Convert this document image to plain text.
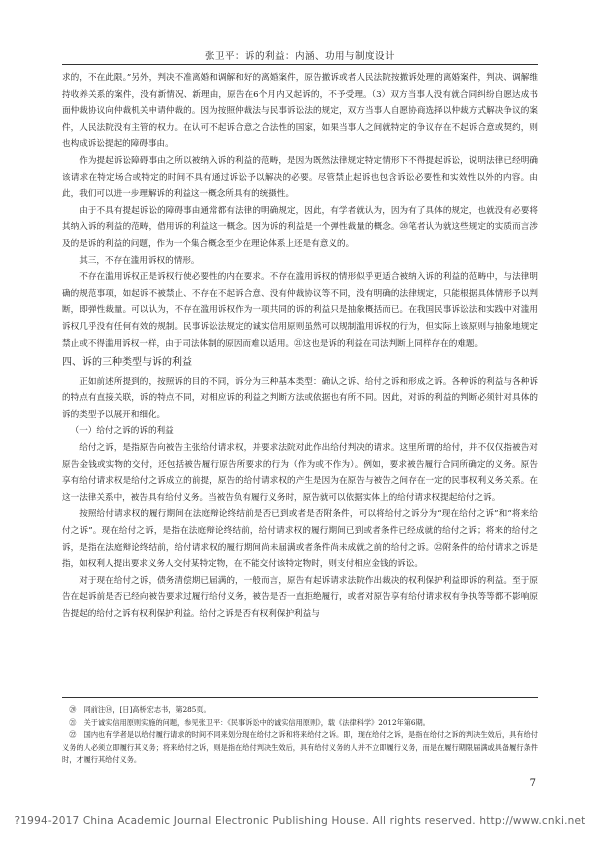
张卫平：诉的利益：内涵、功用与制度设计

求的，不在此限。”另外，判决不准离婚和调解和好的离婚案件，原告撤诉或者人民法院按撤诉处理的离婚案件，判决、调解维持收养关系的案件，没有新情况、新理由，原告在6个月内又起诉的，不予受理。（3）双方当事人没有就合同纠纷自愿达成书面仲裁协议向仲裁机关申请仲裁的。因为按照仲裁法与民事诉讼法的规定，双方当事人自愿协商选择以仲裁方式解决争议的案件，人民法院没有主管的权力。在认可不起诉合意之合法性的国家，如果当事人之间就特定的争议存在不起诉合意或契约，则也构成诉讼提起的障碍事由。

作为提起诉讼障碍事由之所以被纳入诉的利益的范畴，是因为既然法律规定特定情形下不得提起诉讼，说明法律已经明确该请求在特定场合或特定的时间不具有通过诉讼予以解决的必要。尽管禁止起诉也包含诉讼必要性和实效性以外的内容。由此，我们可以进一步理解诉的利益这一概念所具有的统摄性。

由于不具有提起诉讼的障碍事由通常都有法律的明确规定，因此，有学者就认为，因为有了具体的规定，也就没有必要将其纳入诉的利益的范畴，借用诉的利益这一概念。因为诉的利益是一个弹性裁量的概念。⑳笔者认为就这些规定的实质而言涉及的是诉的利益的问题，作为一个集合概念至少在理论体系上还是有意义的。

其三，不存在滥用诉权的情形。

不存在滥用诉权正是诉权行使必要性的内在要求。不存在滥用诉权的情形似乎更适合被纳入诉的利益的范畴中，与法律明确的规范事项，如起诉不被禁止、不存在不起诉合意、没有仲裁协议等不同，没有明确的法律规定，只能根据具体情形予以判断，即弹性裁量。可以认为，不存在滥用诉权作为一项共同的诉的利益只是抽象概括而已。在我国民事诉讼法和实践中对滥用诉权几乎没有任何有效的规制。民事诉讼法规定的诚实信用原则虽然可以规制滥用诉权的行为，但实际上该原则与抽象地规定禁止或不得滥用诉权一样，由于司法体制的原因而难以适用。㉑这也是诉的利益在司法判断上同样存在的难题。

四、诉的三种类型与诉的利益

正如前述所提到的，按照诉的目的不同，诉分为三种基本类型：确认之诉、给付之诉和形成之诉。各种诉的利益与各种诉的特点有直接关联，诉的特点不同，对相应诉的利益之判断方法或依据也有所不同。因此，对诉的利益的判断必须针对具体的诉的类型予以展开和细化。

（一）给付之诉的诉的利益

给付之诉，是指原告向被告主张给付请求权，并要求法院对此作出给付判决的请求。这里所谓的给付，并不仅仅指被告对原告金钱或实物的交付，还包括被告履行原告所要求的行为（作为或不作为）。例如，要求被告履行合同所确定的义务。原告享有给付请求权是给付之诉成立的前提，原告的给付请求权的产生是因为在原告与被告之间存在一定的民事权利义务关系。在这一法律关系中，被告具有给付义务。当被告负有履行义务时，原告就可以依据实体上的给付请求权提起给付之诉。

按照给付请求权的履行期间在法庭辩论终结前是否已到或者是否附条件，可以将给付之诉分为“现在给付之诉”和“将来给付之诉”。现在给付之诉，是指在法庭辩论终结前，给付请求权的履行期间已到或者条件已经成就的给付之诉；将来的给付之诉，是指在法庭辩论终结前，给付请求权的履行期间尚未届满或者条件尚未成就之前的给付之诉。㉒附条件的给付请求之诉是指，如权利人提出要求义务人交付某特定物，在不能交付该特定物时，则支付相应金钱的诉讼。

对于现在给付之诉，债务清偿期已届满的，一般而言，原告有起诉请求法院作出裁决的权利保护利益即诉的利益。至于原告在起诉前是否已经向被告要求过履行给付义务，被告是否一直拒绝履行，或者对原告享有给付请求权有争执等等都不影响原告提起的给付之诉有权利保护利益。给付之诉是否有权利保护利益与

⑳　同前注⑭，[日]高桥宏志书，第285页。

㉑　关于诚实信用原则实施的问题，参见张卫平：《民事诉讼中的诚实信用原则》，载《法律科学》2012年第6期。

㉒　国内也有学者是以给付履行请求的时间不同来划分现在给付之诉和将来给付之诉。即，现在给付之诉，是指在给付之诉的判决生效后，具有给付义务的人必须立即履行其义务；将来给付之诉，则是指在给付判决生效后，具有给付义务的人并不立即履行义务，而是在履行期限届满或具备履行条件时，才履行其给付义务。

7
?1994-2017 China Academic Journal Electronic Publishing House. All rights reserved. http://www.cnki.net
